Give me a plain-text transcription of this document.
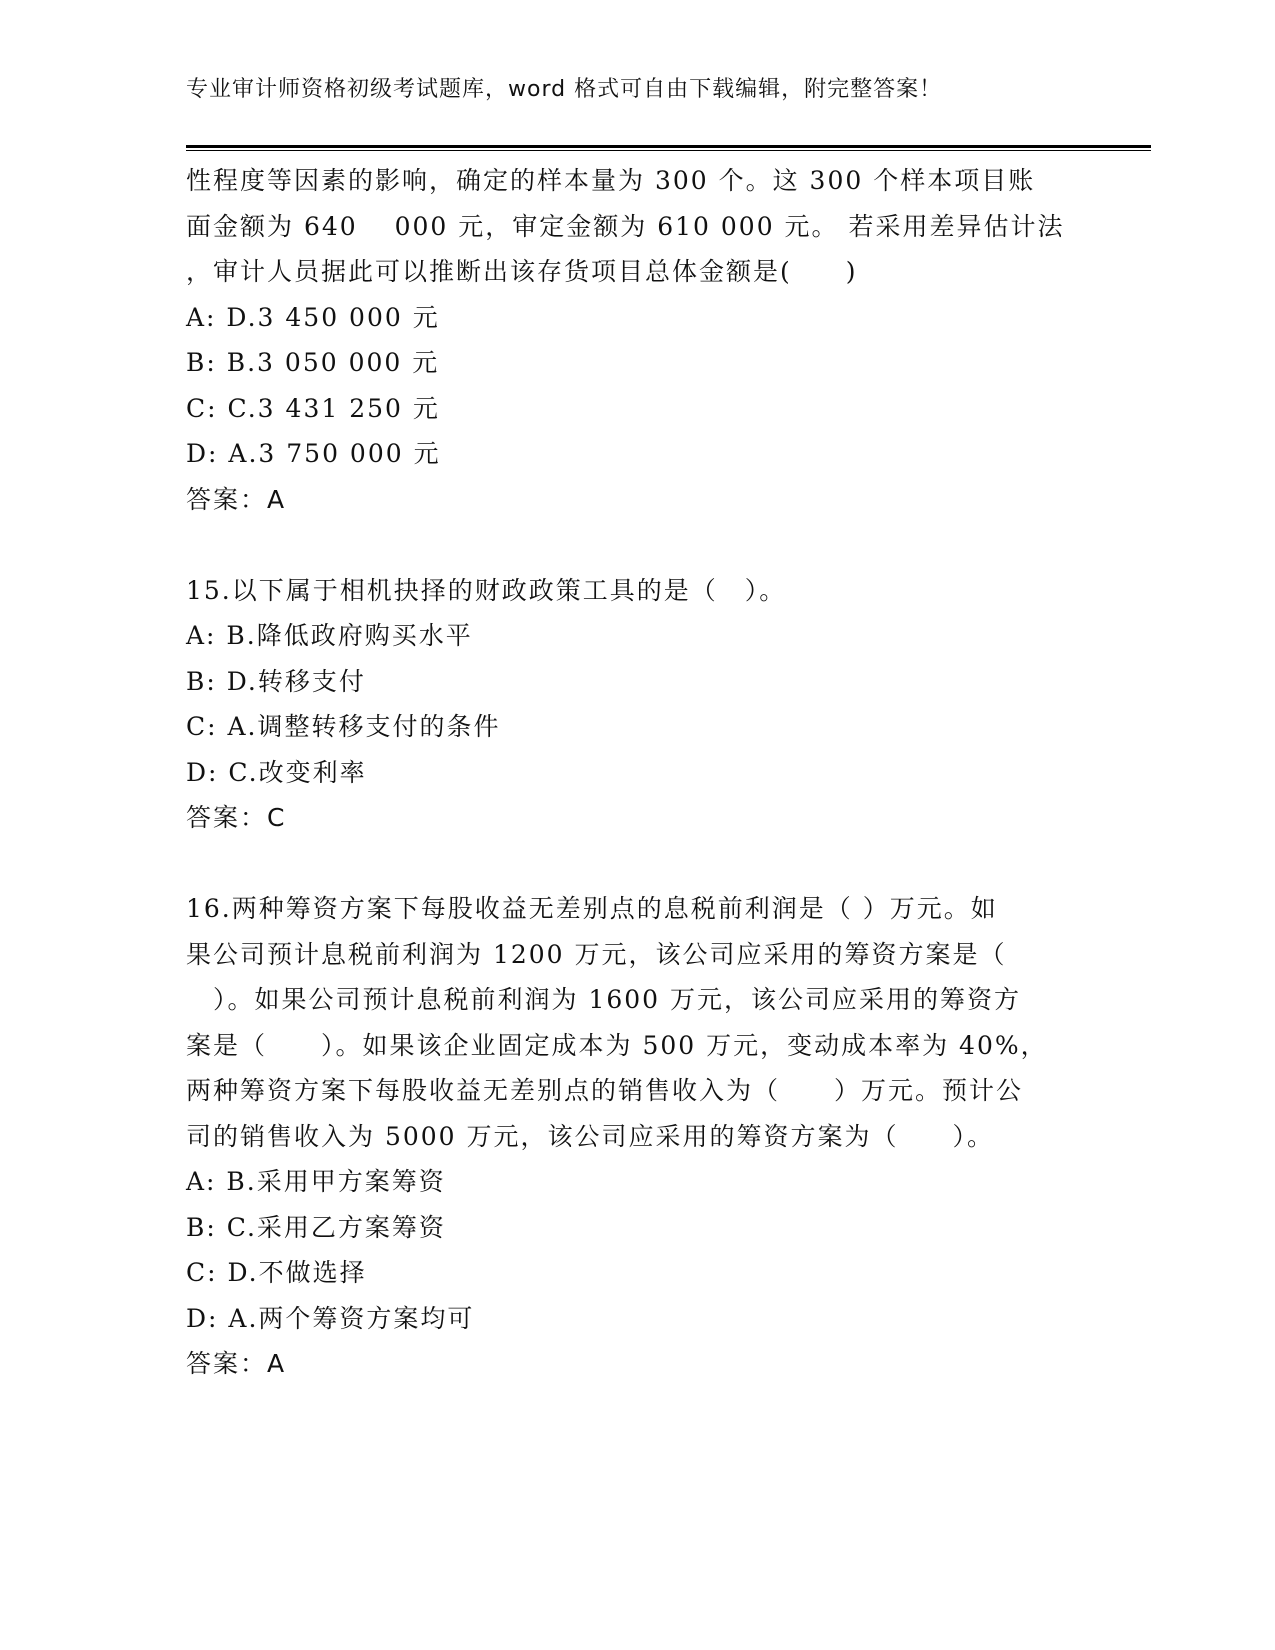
专业审计师资格初级考试题库，word 格式可自由下载编辑，附完整答案！
性程度等因素的影响，确定的样本量为 300 个。这 300 个样本项目账
面金额为 640　 000 元，审定金额为 610 000 元。 若采用差异估计法
，审计人员据此可以推断出该存货项目总体金额是(　　)
A: D.3 450 000 元
B: B.3 050 000 元
C: C.3 431 250 元
D: A.3 750 000 元
答案：A
15.以下属于相机抉择的财政政策工具的是（　）。
A: B.降低政府购买水平
B: D.转移支付
C: A.调整转移支付的条件
D: C.改变利率
答案：C
16.两种筹资方案下每股收益无差别点的息税前利润是（ ）万元。如
果公司预计息税前利润为 1200 万元，该公司应采用的筹资方案是（
　）。如果公司预计息税前利润为 1600 万元，该公司应采用的筹资方
案是（　　）。如果该企业固定成本为 500 万元，变动成本率为 40%，
两种筹资方案下每股收益无差别点的销售收入为（　　）万元。预计公
司的销售收入为 5000 万元，该公司应采用的筹资方案为（　　）。
A: B.采用甲方案筹资
B: C.采用乙方案筹资
C: D.不做选择
D: A.两个筹资方案均可
答案：A
